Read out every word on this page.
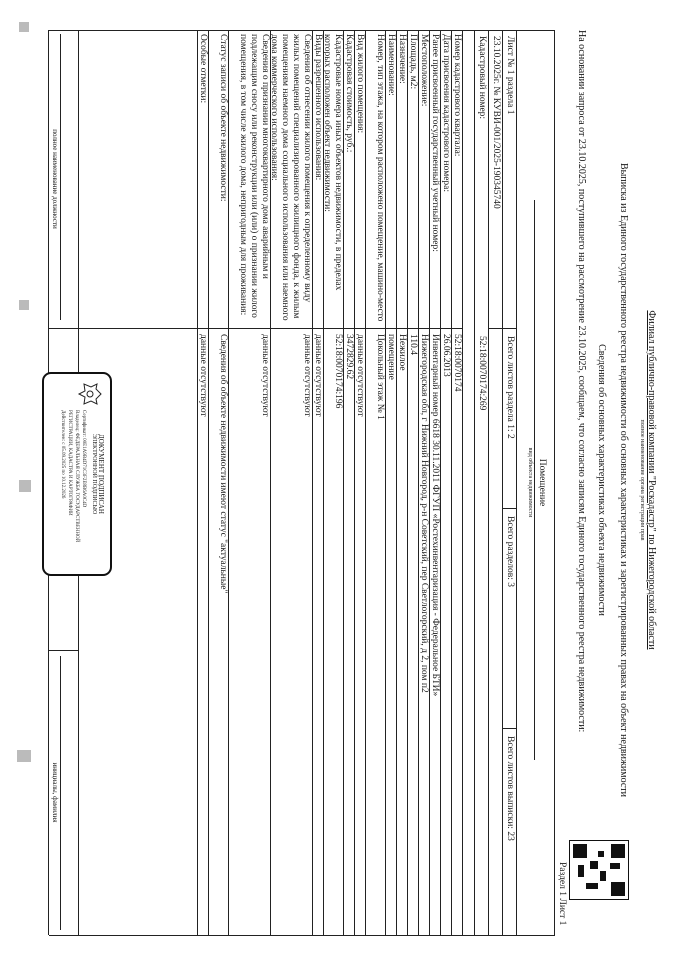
Филиал публично-правовой компании "Роскадастр" по Нижегородской области
полное наименование органа регистрации прав
Выписка из Единого государственного реестра недвижимости об основных характеристиках и зарегистрированных правах на объект недвижимости
Сведения об основных характеристиках объекта недвижимости
На основании запроса от 23.10.2025, поступившего на рассмотрение 23.10.2025, сообщаем, что согласно записям Единого государственного реестра недвижимости:
Раздел 1 Лист 1
Помещение
вид объекта недвижимости
Лист № 1 раздела 1
Всего листов раздела 1: 2
Всего разделов: 3
Всего листов выписки: 23
23.10.2025г. № КУВИ-001/2025-190345740
Кадастровый номер:
52:18:0070174:269
Номер кадастрового квартала:
52:18:0070174
Дата присвоения кадастрового номера:
26.06.2013
Ранее присвоенный государственный учетный номер:
Инвентарный номер 6618 30.11.2011 ФГУП «Ростехинвентаризация - Федеральное БТИ»
Местоположение:
Нижегородская обл, г Нижний Новгород, р-н Советский, пер Светлогорский, д 2, пом п2
Площадь, м2:
110.4
Назначение:
Нежилое
Наименование:
помещение
Номер, тип этажа, на котором расположено помещение, машино-место
Цокольный этаж № 1
Вид жилого помещения:
данные отсутствуют
Кадастровая стоимость, руб.:
3472829.62
Кадастровые номера иных объектов недвижимости, в пределах которых расположен объект недвижимости:
52:18:0070174:196
Виды разрешенного использования:
данные отсутствуют
Сведения об отнесении жилого помещения к определенному виду жилых помещений специализированного жилищного фонда, к жилым помещениям наемного дома социального использования или наемного дома коммерческого использования:
данные отсутствуют
Сведения о признании многоквартирного дома аварийным и подлежащим сносу или реконструкции или (или) о признании жилого помещения, в том числе жилого дома, непригодным для проживания:
данные отсутствуют
Статус записи об объекте недвижимости:
Сведения об объекте недвижимости имеют статус "актуальные"
Особые отметки:
данные отсутствуют
полное наименование должности
инициалы, фамилия
ДОКУМЕНТ ПОДПИСАН
ЭЛЕКТРОННОЙ ПОДПИСЬЮ
Сертификат: 00E1A9B4D71C3F2E8B6A0C4D
Владелец: ФЕДЕРАЛЬНАЯ СЛУЖБА ГОСУДАРСТВЕННОЙ
РЕГИСТРАЦИИ, КАДАСТРА И КАРТОГРАФИИ
Действителен: с 05.09.2025 по 10.12.2026
